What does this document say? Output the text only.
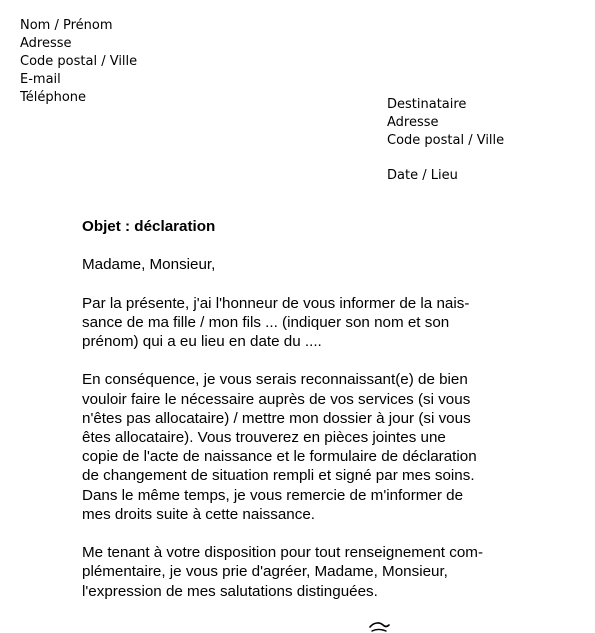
Nom / Prénom
Adresse
Code postal / Ville
E-mail
Téléphone	Destinataire
Adresse
Code postal / Ville
Date / Lieu
Objet : déclaration
Madame, Monsieur,
Par la présente, j'ai l'honneur de vous informer de la nais-
sance de ma fille / mon fils ... (indiquer son nom et son
prénom) qui a eu lieu en date du ....
En conséquence, je vous serais reconnaissant(e) de bien
vouloir faire le nécessaire auprès de vos services (si vous
n'êtes pas allocataire) / mettre mon dossier à jour (si vous
êtes allocataire). Vous trouverez en pièces jointes une
copie de l'acte de naissance et le formulaire de déclaration
de changement de situation rempli et signé par mes soins.
Dans le même temps, je vous remercie de m'informer de
mes droits suite à cette naissance.
Me tenant à votre disposition pour tout renseignement com-
plémentaire, je vous prie d'agréer, Madame, Monsieur,
l'expression de mes salutations distinguées.
